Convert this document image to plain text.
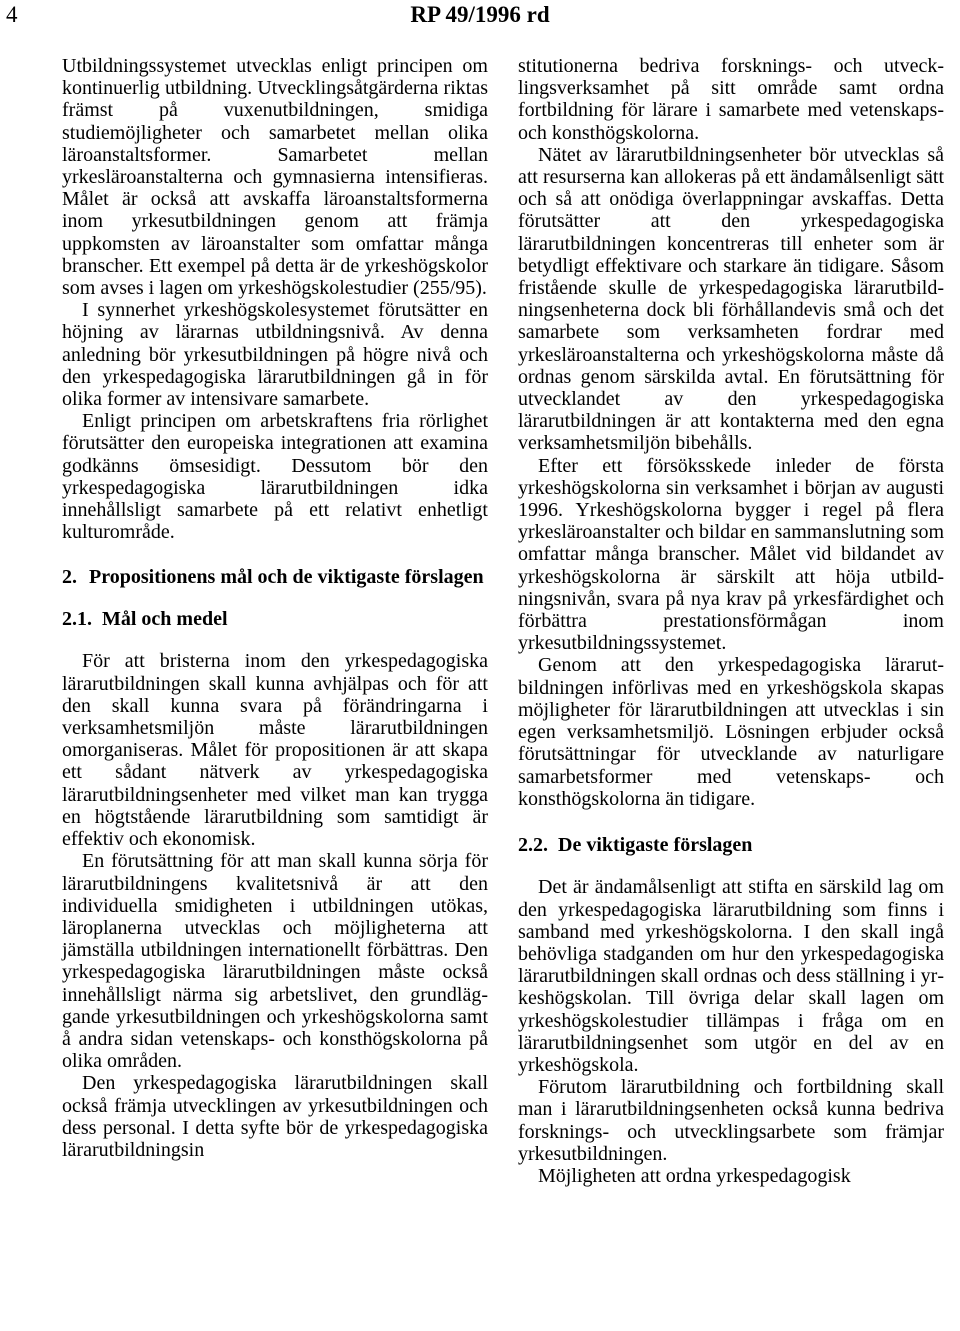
4	RP 49/1996 rd

Utbildningssystemet utvecklas enligt principen om kontinuerlig utbildning. Utvecklingsåtgärderna riktas främst på vuxenutbildningen, smidiga studiemöjligheter och samarbetet mellan olika läroanstaltsformer. Samarbetet mellan yrkesläroanstalterna och gymnasierna intensifieras. Målet är också att avskaffa läroanstaltsformerna inom yrkesutbildningen genom att främja uppkomsten av läroanstalter som omfattar många branscher. Ett exempel på detta är de yrkeshögskolor som avses i lagen om yrkeshögskolestudier (255/95).

I synnerhet yrkeshögskolesystemet förutsätter en höjning av lärarnas utbildningsnivå. Av denna anledning bör yrkesutbildningen på högre nivå och den yrkespedagogiska lärarutbildningen gå in för olika former av intensivare samarbete.

Enligt principen om arbetskraftens fria rörlighet förutsätter den europeiska integrationen att examina godkänns ömsesidigt. Dessutom bör den yrkespedagogiska lärarutbildningen idka innehållsligt samarbete på ett relativt enhetligt kulturområde.

2. Propositionens mål och de viktigaste förslagen
2.1. Mål och medel

För att bristerna inom den yrkespedagogiska lärarutbildningen skall kunna avhjälpas och för att den skall kunna svara på förändringarna i verksamhetsmiljön måste lärarutbildningen omorganiseras. Målet för propositionen är att skapa ett sådant nätverk av yrkespedagogiska lärarutbildningsenheter med vilket man kan trygga en högtstående lärarutbildning som samtidigt är effektiv och ekonomisk.

En förutsättning för att man skall kunna sörja för lärarutbildningens kvalitetsnivå är att den individuella smidigheten i utbildningen utökas, läroplanerna utvecklas och möjligheterna att jämställa utbildningen internationellt förbättras. Den yrkespedagogiska lärarutbildningen måste också innehållsligt närma sig arbetslivet, den grundläggande yrkesutbildningen och yrkeshögskolorna samt å andra sidan vetenskaps- och konsthögskolorna på olika områden.

Den yrkespedagogiska lärarutbildningen skall också främja utvecklingen av yrkesutbildningen och dess personal. I detta syfte bör de yrkespedagogiska lärarutbildningsin

stitutionerna bedriva forsknings- och utvecklingsverksamhet på sitt område samt ordna fortbildning för lärare i samarbete med vetenskaps- och konsthögskolorna.

Nätet av lärarutbildningsenheter bör utvecklas så att resurserna kan allokeras på ett ändamålsenligt sätt och så att onödiga överlappningar avskaffas. Detta förutsätter att den yrkespedagogiska lärarutbildningen koncentreras till enheter som är betydligt effektivare och starkare än tidigare. Såsom fristående skulle de yrkespedagogiska lärarutbildningsenheterna dock bli förhållandevis små och det samarbete som verksamheten fordrar med yrkesläroanstalterna och yrkeshögskolorna måste då ordnas genom särskilda avtal. En förutsättning för utvecklandet av den yrkespedagogiska lärarutbildningen är att kontakterna med den egna verksamhetsmiljön bibehålls.

Efter ett försöksskede inleder de första yrkeshögskolorna sin verksamhet i början av augusti 1996. Yrkeshögskolorna bygger i regel på flera yrkesläroanstalter och bildar en sammanslutning som omfattar många branscher. Målet vid bildandet av yrkeshögskolorna är särskilt att höja utbildningsnivån, svara på nya krav på yrkesfärdighet och förbättra prestationsförmågan inom yrkesutbildningssystemet.

Genom att den yrkespedagogiska lärarutbildningen införlivas med en yrkeshögskola skapas möjligheter för lärarutbildningen att utvecklas i sin egen verksamhetsmiljö. Lösningen erbjuder också förutsättningar för utvecklande av naturligare samarbetsformer med vetenskaps- och konsthögskolorna än tidigare.

2.2. De viktigaste förslagen

Det är ändamålsenligt att stifta en särskild lag om den yrkespedagogiska lärarutbildning som finns i samband med yrkeshögskolorna. I den skall ingå behövliga stadganden om hur den yrkespedagogiska lärarutbildningen skall ordnas och dess ställning i yrkeshögskolan. Till övriga delar skall lagen om yrkeshögskolestudier tillämpas i fråga om en lärarutbildningsenhet som utgör en del av en yrkeshögskola.

Förutom lärarutbildning och fortbildning skall man i lärarutbildningsenheten också kunna bedriva forsknings- och utvecklingsarbete som främjar yrkesutbildningen.

Möjligheten att ordna yrkespedagogisk
